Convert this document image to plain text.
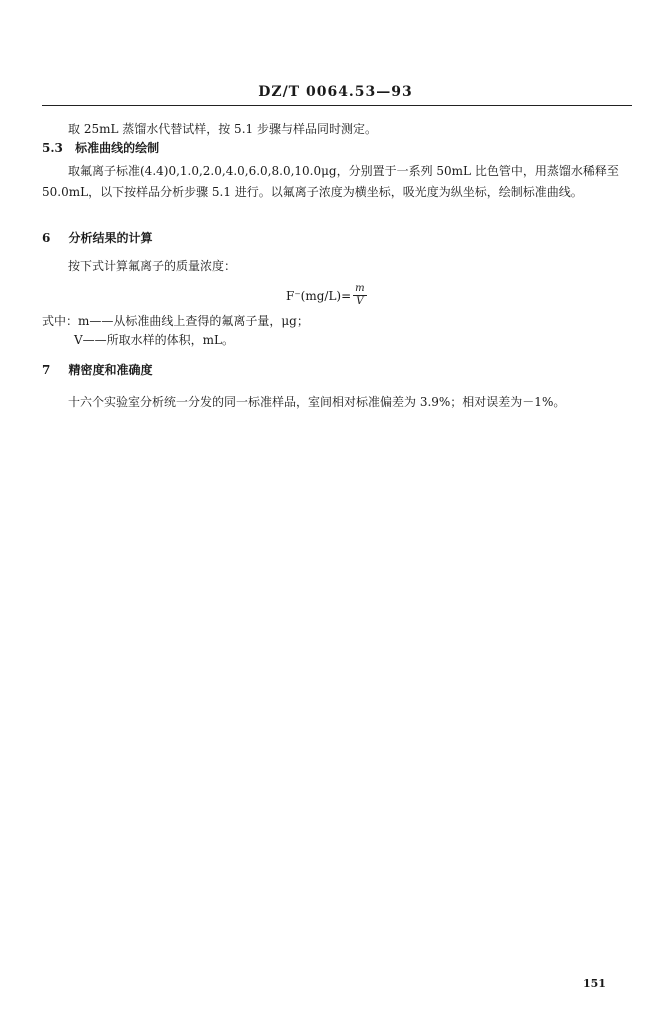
DZ/T 0064.53—93
取 25mL 蒸馏水代替试样，按 5.1 步骤与样品同时测定。
5.3 标准曲线的绘制
取氟离子标准(4.4)0,1.0,2.0,4.0,6.0,8.0,10.0μg，分别置于一系列 50mL 比色管中，用蒸馏水稀释至 50.0mL，以下按样品分析步骤 5.1 进行。以氟离子浓度为横坐标，吸光度为纵坐标，绘制标准曲线。
6 分析结果的计算
按下式计算氟离子的质量浓度：
$F^-(mg/L)= \frac{m}{V}$
式中：m——从标准曲线上查得的氟离子量，μg；
V——所取水样的体积，mL。
7 精密度和准确度
十六个实验室分析统一分发的同一标准样品，室间相对标准偏差为 3.9%；相对误差为－1%。
151
